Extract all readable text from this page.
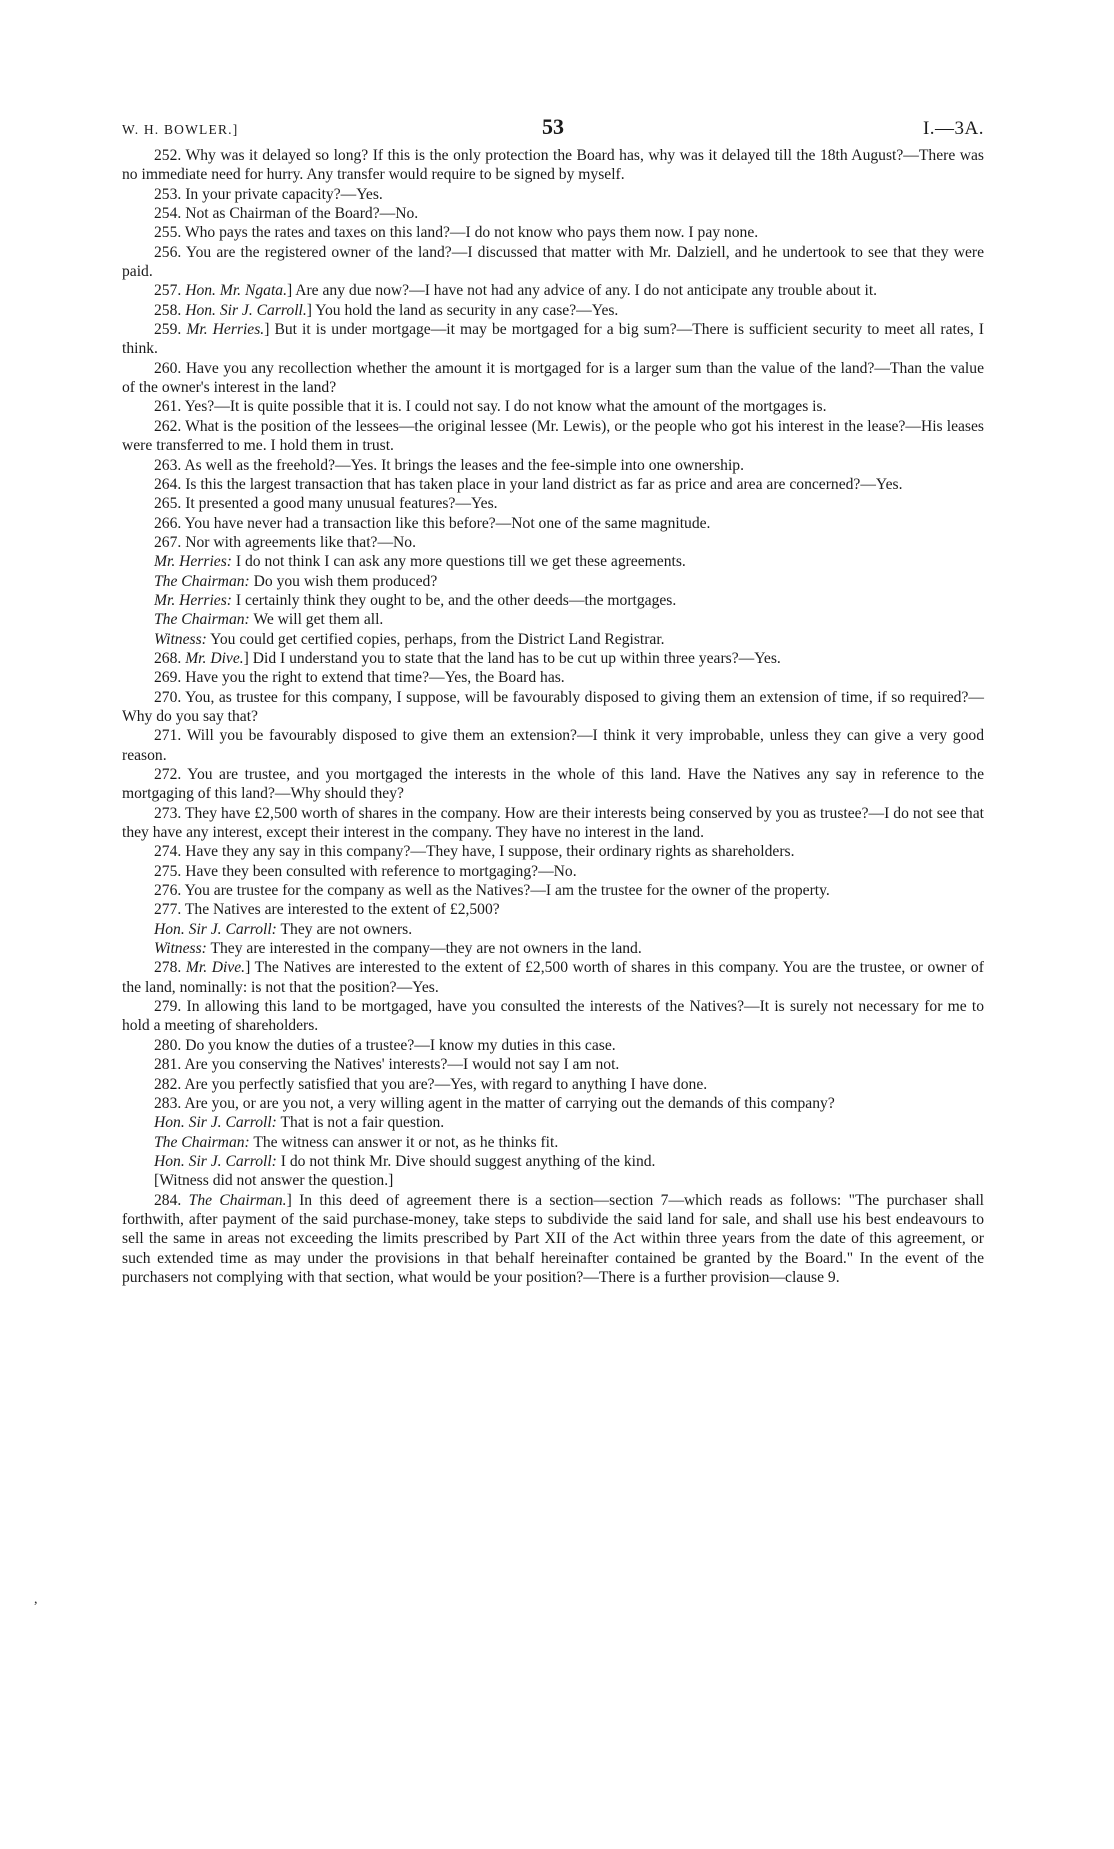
W. H. BOWLER.]	53	I.—3A.

252. Why was it delayed so long? If this is the only protection the Board has, why was it delayed till the 18th August?—There was no immediate need for hurry. Any transfer would require to be signed by myself.

253. In your private capacity?—Yes.

254. Not as Chairman of the Board?—No.

255. Who pays the rates and taxes on this land?—I do not know who pays them now. I pay none.

256. You are the registered owner of the land?—I discussed that matter with Mr. Dalziell, and he undertook to see that they were paid.

257. Hon. Mr. Ngata.] Are any due now?—I have not had any advice of any. I do not anticipate any trouble about it.

258. Hon. Sir J. Carroll.] You hold the land as security in any case?—Yes.

259. Mr. Herries.] But it is under mortgage—it may be mortgaged for a big sum?—There is sufficient security to meet all rates, I think.

260. Have you any recollection whether the amount it is mortgaged for is a larger sum than the value of the land?—Than the value of the owner's interest in the land?

261. Yes?—It is quite possible that it is. I could not say. I do not know what the amount of the mortgages is.

262. What is the position of the lessees—the original lessee (Mr. Lewis), or the people who got his interest in the lease?—His leases were transferred to me. I hold them in trust.

263. As well as the freehold?—Yes. It brings the leases and the fee-simple into one ownership.

264. Is this the largest transaction that has taken place in your land district as far as price and area are concerned?—Yes.

265. It presented a good many unusual features?—Yes.

266. You have never had a transaction like this before?—Not one of the same magnitude.

267. Nor with agreements like that?—No.

Mr. Herries: I do not think I can ask any more questions till we get these agreements.

The Chairman: Do you wish them produced?

Mr. Herries: I certainly think they ought to be, and the other deeds—the mortgages.

The Chairman: We will get them all.

Witness: You could get certified copies, perhaps, from the District Land Registrar.

268. Mr. Dive.] Did I understand you to state that the land has to be cut up within three years?—Yes.

269. Have you the right to extend that time?—Yes, the Board has.

270. You, as trustee for this company, I suppose, will be favourably disposed to giving them an extension of time, if so required?—Why do you say that?

271. Will you be favourably disposed to give them an extension?—I think it very improbable, unless they can give a very good reason.

272. You are trustee, and you mortgaged the interests in the whole of this land. Have the Natives any say in reference to the mortgaging of this land?—Why should they?

273. They have £2,500 worth of shares in the company. How are their interests being conserved by you as trustee?—I do not see that they have any interest, except their interest in the company. They have no interest in the land.

274. Have they any say in this company?—They have, I suppose, their ordinary rights as shareholders.

275. Have they been consulted with reference to mortgaging?—No.

276. You are trustee for the company as well as the Natives?—I am the trustee for the owner of the property.

277. The Natives are interested to the extent of £2,500?

Hon. Sir J. Carroll: They are not owners.

Witness: They are interested in the company—they are not owners in the land.

278. Mr. Dive.] The Natives are interested to the extent of £2,500 worth of shares in this company. You are the trustee, or owner of the land, nominally: is not that the position?—Yes.

279. In allowing this land to be mortgaged, have you consulted the interests of the Natives?—It is surely not necessary for me to hold a meeting of shareholders.

280. Do you know the duties of a trustee?—I know my duties in this case.

281. Are you conserving the Natives' interests?—I would not say I am not.

282. Are you perfectly satisfied that you are?—Yes, with regard to anything I have done.

283. Are you, or are you not, a very willing agent in the matter of carrying out the demands of this company?

Hon. Sir J. Carroll: That is not a fair question.

The Chairman: The witness can answer it or not, as he thinks fit.

Hon. Sir J. Carroll: I do not think Mr. Dive should suggest anything of the kind.

[Witness did not answer the question.]

284. The Chairman.] In this deed of agreement there is a section—section 7—which reads as follows: "The purchaser shall forthwith, after payment of the said purchase-money, take steps to subdivide the said land for sale, and shall use his best endeavours to sell the same in areas not exceeding the limits prescribed by Part XII of the Act within three years from the date of this agreement, or such extended time as may under the provisions in that behalf hereinafter contained be granted by the Board." In the event of the purchasers not complying with that section, what would be your position?—There is a further provision—clause 9.

,
